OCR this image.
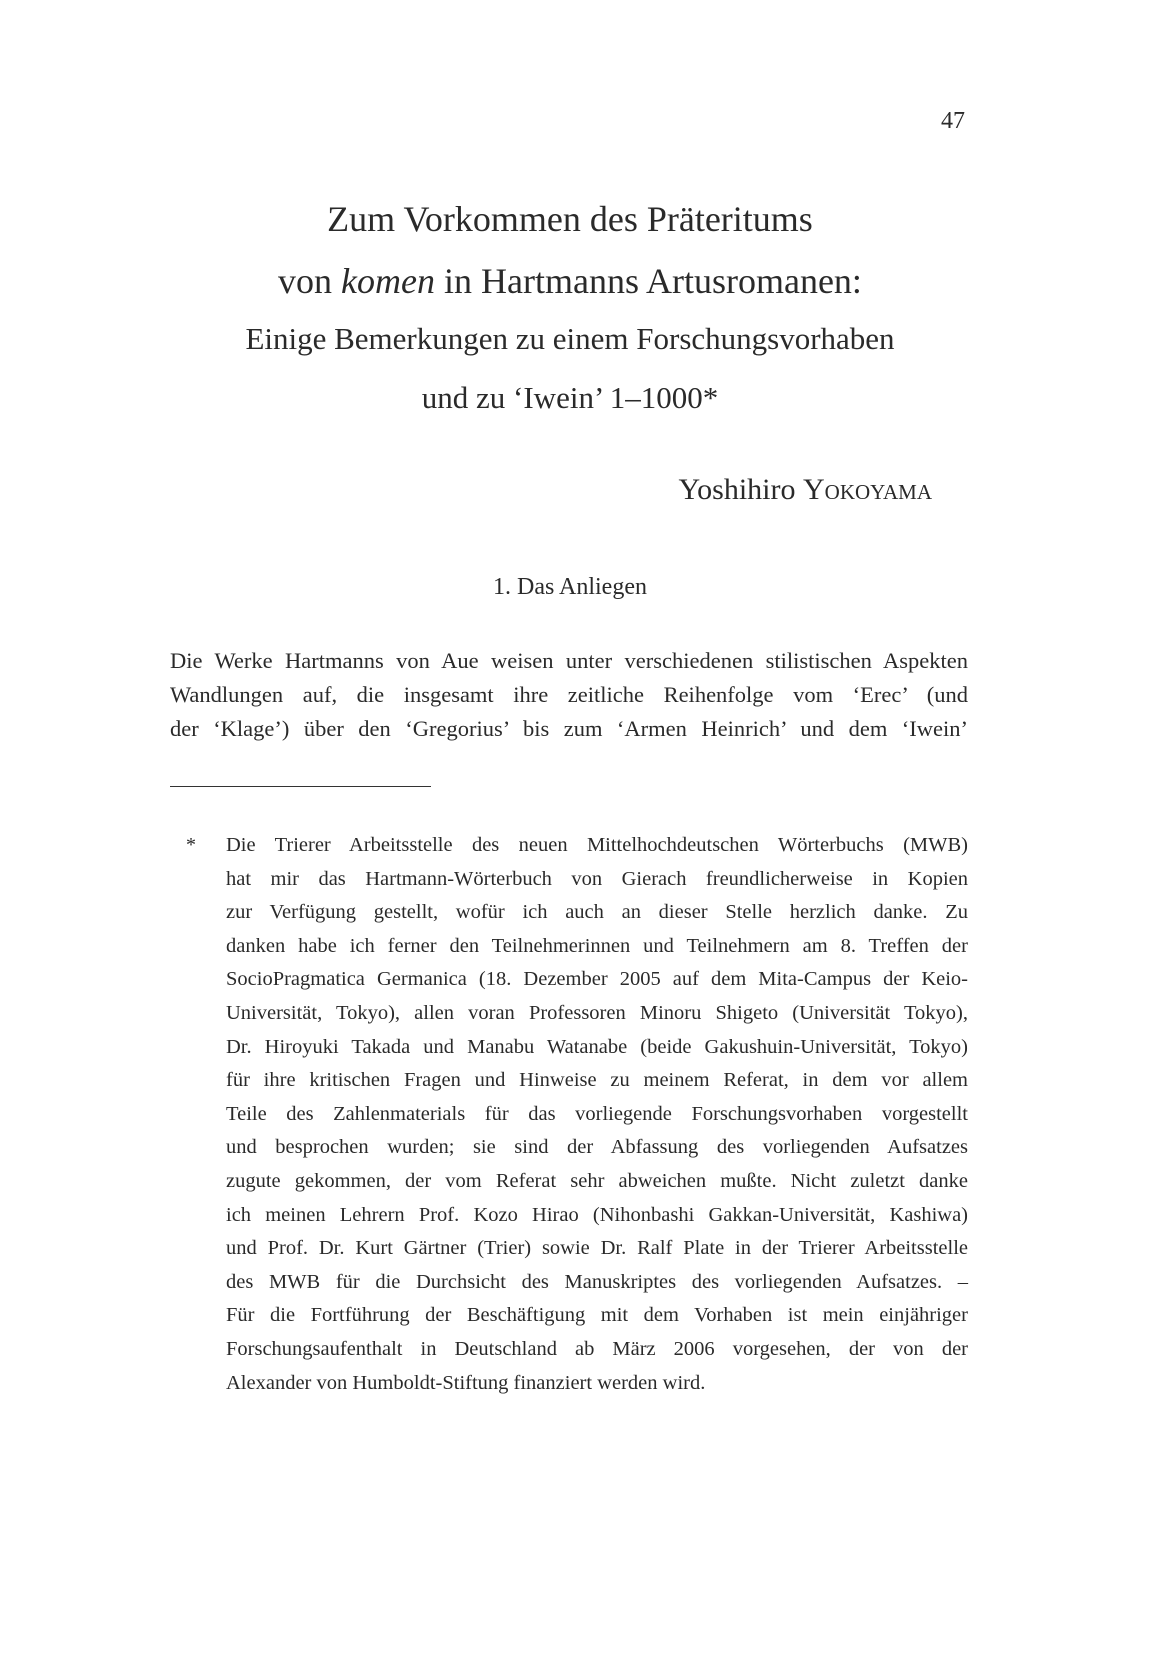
47
Zum Vorkommen des Präteritums
von komen in Hartmanns Artusromanen:
Einige Bemerkungen zu einem Forschungsvorhaben
und zu ‘Iwein’ 1–1000*
Yoshihiro Yokoyama
1. Das Anliegen
Die Werke Hartmanns von Aue weisen unter verschiedenen stilistischen Aspekten
Wandlungen auf, die insgesamt ihre zeitliche Reihenfolge vom ‘Erec’ (und
der ‘Klage’) über den ‘Gregorius’ bis zum ‘Armen Heinrich’ und dem ‘Iwein’
* Die Trierer Arbeitsstelle des neuen Mittelhochdeutschen Wörterbuchs (MWB)
hat mir das Hartmann-Wörterbuch von Gierach freundlicherweise in Kopien
zur Verfügung gestellt, wofür ich auch an dieser Stelle herzlich danke. Zu
danken habe ich ferner den Teilnehmerinnen und Teilnehmern am 8. Treffen der
SocioPragmatica Germanica (18. Dezember 2005 auf dem Mita-Campus der Keio-
Universität, Tokyo), allen voran Professoren Minoru Shigeto (Universität Tokyo),
Dr. Hiroyuki Takada und Manabu Watanabe (beide Gakushuin-Universität, Tokyo)
für ihre kritischen Fragen und Hinweise zu meinem Referat, in dem vor allem
Teile des Zahlenmaterials für das vorliegende Forschungsvorhaben vorgestellt
und besprochen wurden; sie sind der Abfassung des vorliegenden Aufsatzes
zugute gekommen, der vom Referat sehr abweichen mußte. Nicht zuletzt danke
ich meinen Lehrern Prof. Kozo Hirao (Nihonbashi Gakkan-Universität, Kashiwa)
und Prof. Dr. Kurt Gärtner (Trier) sowie Dr. Ralf Plate in der Trierer Arbeitsstelle
des MWB für die Durchsicht des Manuskriptes des vorliegenden Aufsatzes. –
Für die Fortführung der Beschäftigung mit dem Vorhaben ist mein einjähriger
Forschungsaufenthalt in Deutschland ab März 2006 vorgesehen, der von der
Alexander von Humboldt-Stiftung finanziert werden wird.
